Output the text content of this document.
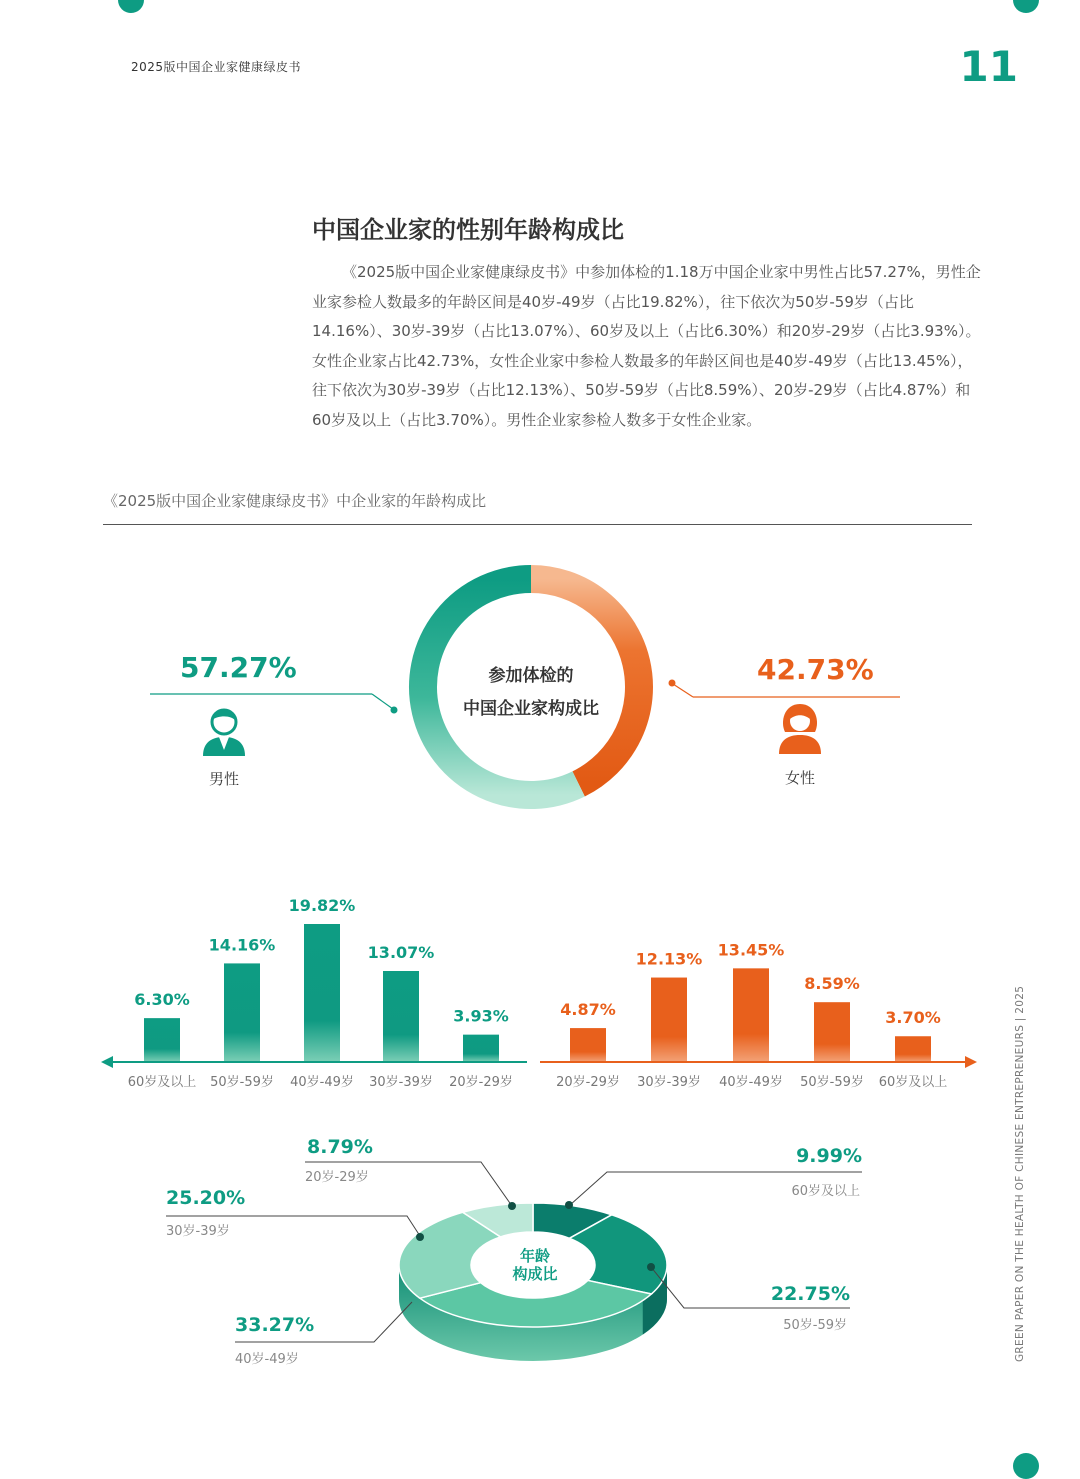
2025版中国企业家健康绿皮书	11
中国企业家的性别年龄构成比
《2025版中国企业家健康绿皮书》中参加体检的1.18万中国企业家中男性占比57.27%，男性企业家参检人数最多的年龄区间是40岁-49岁（占比19.82%），往下依次为50岁-59岁（占比14.16%）、30岁-39岁（占比13.07%）、60岁及以上（占比6.30%）和20岁-29岁（占比3.93%）。女性企业家占比42.73%，女性企业家中参检人数最多的年龄区间也是40岁-49岁（占比13.45%），往下依次为30岁-39岁（占比12.13%）、50岁-59岁（占比8.59%）、20岁-29岁（占比4.87%）和60岁及以上（占比3.70%）。男性企业家参检人数多于女性企业家。
《2025版中国企业家健康绿皮书》中企业家的年龄构成比
参加体检的
中国企业家构成比
57.27%
男性
42.73%
女性
6.30%
60岁及以上
14.16%
50岁-59岁
19.82%
40岁-49岁
13.07%
30岁-39岁
3.93%
20岁-29岁
4.87%
20岁-29岁
12.13%
30岁-39岁
13.45%
40岁-49岁
8.59%
50岁-59岁
3.70%
60岁及以上
年龄
构成比
8.79%
20岁-29岁
25.20%
30岁-39岁
33.27%
40岁-49岁
9.99%
60岁及以上
22.75%
50岁-59岁	GREEN PAPER ON THE HEALTH OF CHINESE ENTREPRENEURS | 2025
